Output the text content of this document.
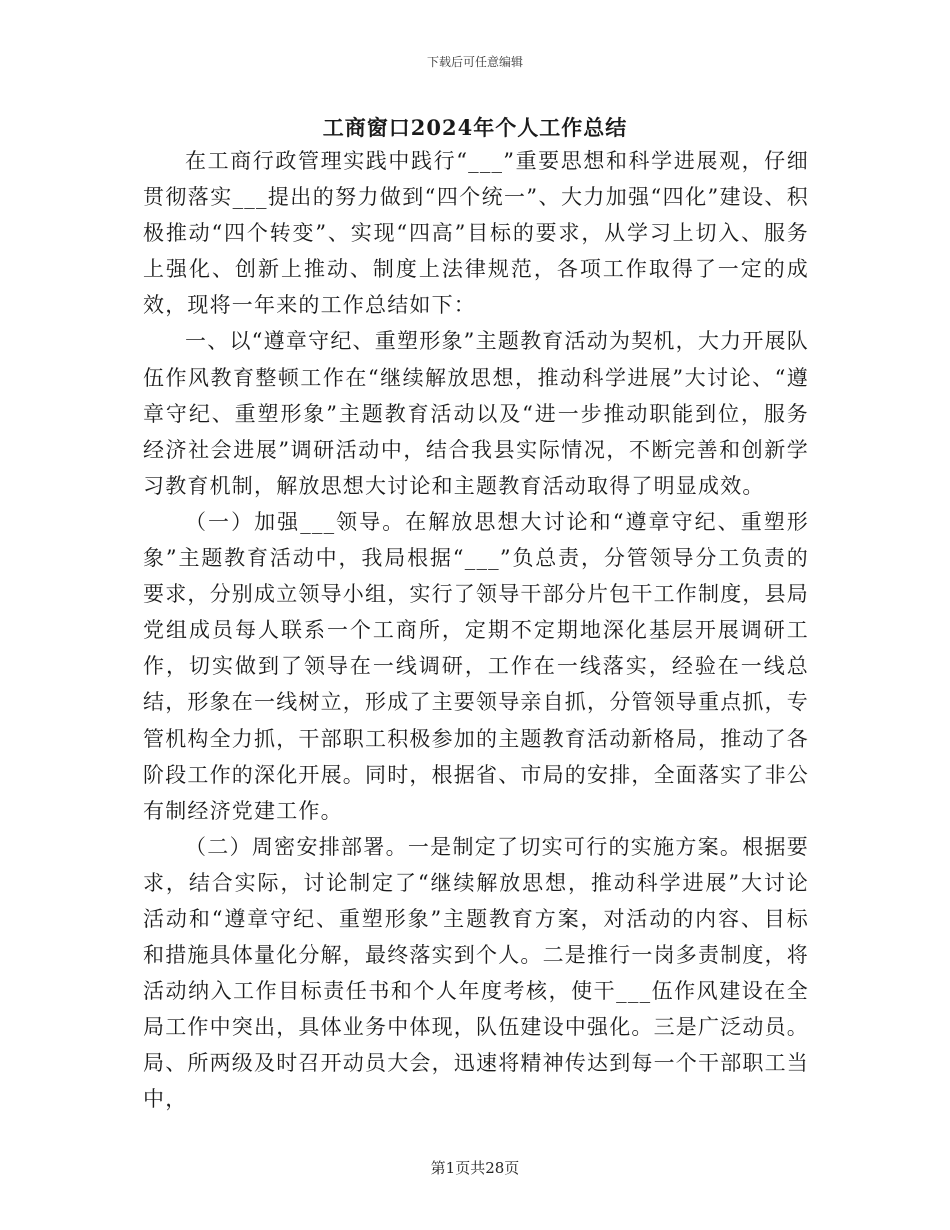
下载后可任意编辑
工商窗口2024年个人工作总结

在工商行政管理实践中践行“___”重要思想和科学进展观，仔细贯彻落实___提出的努力做到“四个统一”、大力加强“四化”建设、积极推动“四个转变”、实现“四高”目标的要求，从学习上切入、服务上强化、创新上推动、制度上法律规范，各项工作取得了一定的成效，现将一年来的工作总结如下：

一、以“遵章守纪、重塑形象”主题教育活动为契机，大力开展队伍作风教育整顿工作在“继续解放思想，推动科学进展”大讨论、“遵章守纪、重塑形象”主题教育活动以及“进一步推动职能到位，服务经济社会进展”调研活动中，结合我县实际情况，不断完善和创新学习教育机制，解放思想大讨论和主题教育活动取得了明显成效。

（一）加强___领导。在解放思想大讨论和“遵章守纪、重塑形象”主题教育活动中，我局根据“___”负总责，分管领导分工负责的要求，分别成立领导小组，实行了领导干部分片包干工作制度，县局党组成员每人联系一个工商所，定期不定期地深化基层开展调研工作，切实做到了领导在一线调研，工作在一线落实，经验在一线总结，形象在一线树立，形成了主要领导亲自抓，分管领导重点抓，专管机构全力抓，干部职工积极参加的主题教育活动新格局，推动了各阶段工作的深化开展。同时，根据省、市局的安排，全面落实了非公有制经济党建工作。

（二）周密安排部署。一是制定了切实可行的实施方案。根据要求，结合实际，讨论制定了“继续解放思想，推动科学进展”大讨论活动和“遵章守纪、重塑形象”主题教育方案，对活动的内容、目标和措施具体量化分解，最终落实到个人。二是推行一岗多责制度，将活动纳入工作目标责任书和个人年度考核，使干___伍作风建设在全局工作中突出，具体业务中体现，队伍建设中强化。三是广泛动员。局、所两级及时召开动员大会，迅速将精神传达到每一个干部职工当中，

第1页共28页
